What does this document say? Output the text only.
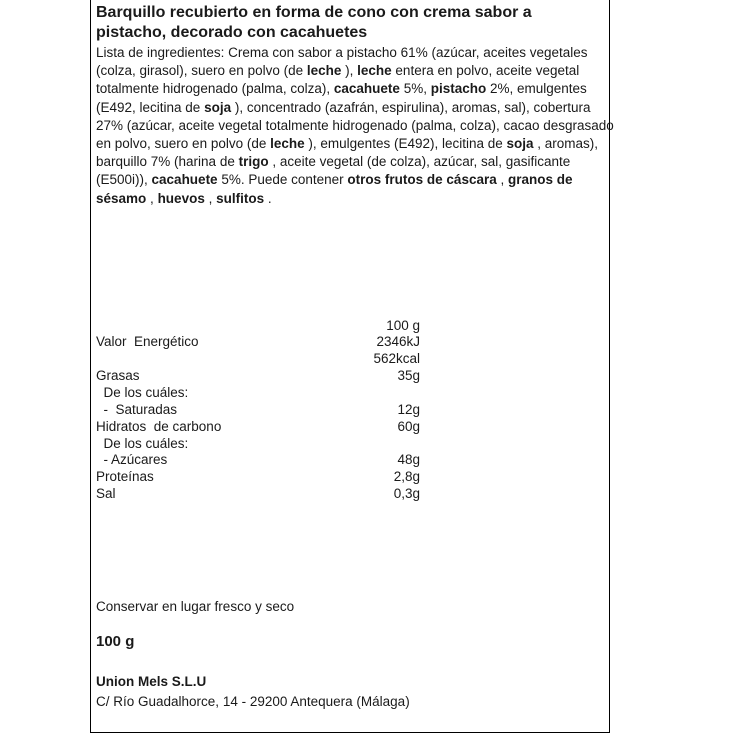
Barquillo recubierto en forma de cono con crema sabor a
pistacho, decorado con cacahuetes

Lista de ingredientes: Crema con sabor a pistacho 61% (azúcar, aceites vegetales (colza, girasol), suero en polvo (de leche ), leche entera en polvo, aceite vegetal totalmente hidrogenado (palma, colza), cacahuete 5%, pistacho 2%, emulgentes (E492, lecitina de soja ), concentrado (azafrán, espirulina), aromas, sal), cobertura 27% (azúcar, aceite vegetal totalmente hidrogenado (palma, colza), cacao desgrasado en polvo, suero en polvo (de leche ), emulgentes (E492), lecitina de soja , aromas), barquillo 7% (harina de trigo , aceite vegetal (de colza), azúcar, sal, gasificante (E500i)), cacahuete 5%. Puede contener otros frutos de cáscara , granos de sésamo , huevos , sulfitos .

100 g
Valor  Energético	2346kJ
562kcal
Grasas	35g
De los cuáles:
-  Saturadas	12g
Hidratos  de carbono	60g
De los cuáles:
- Azúcares	48g
Proteínas	2,8g
Sal	0,3g
Conservar en lugar fresco y seco
100 g
Union Mels S.L.U
C/ Río Guadalhorce, 14 - 29200 Antequera (Málaga)
